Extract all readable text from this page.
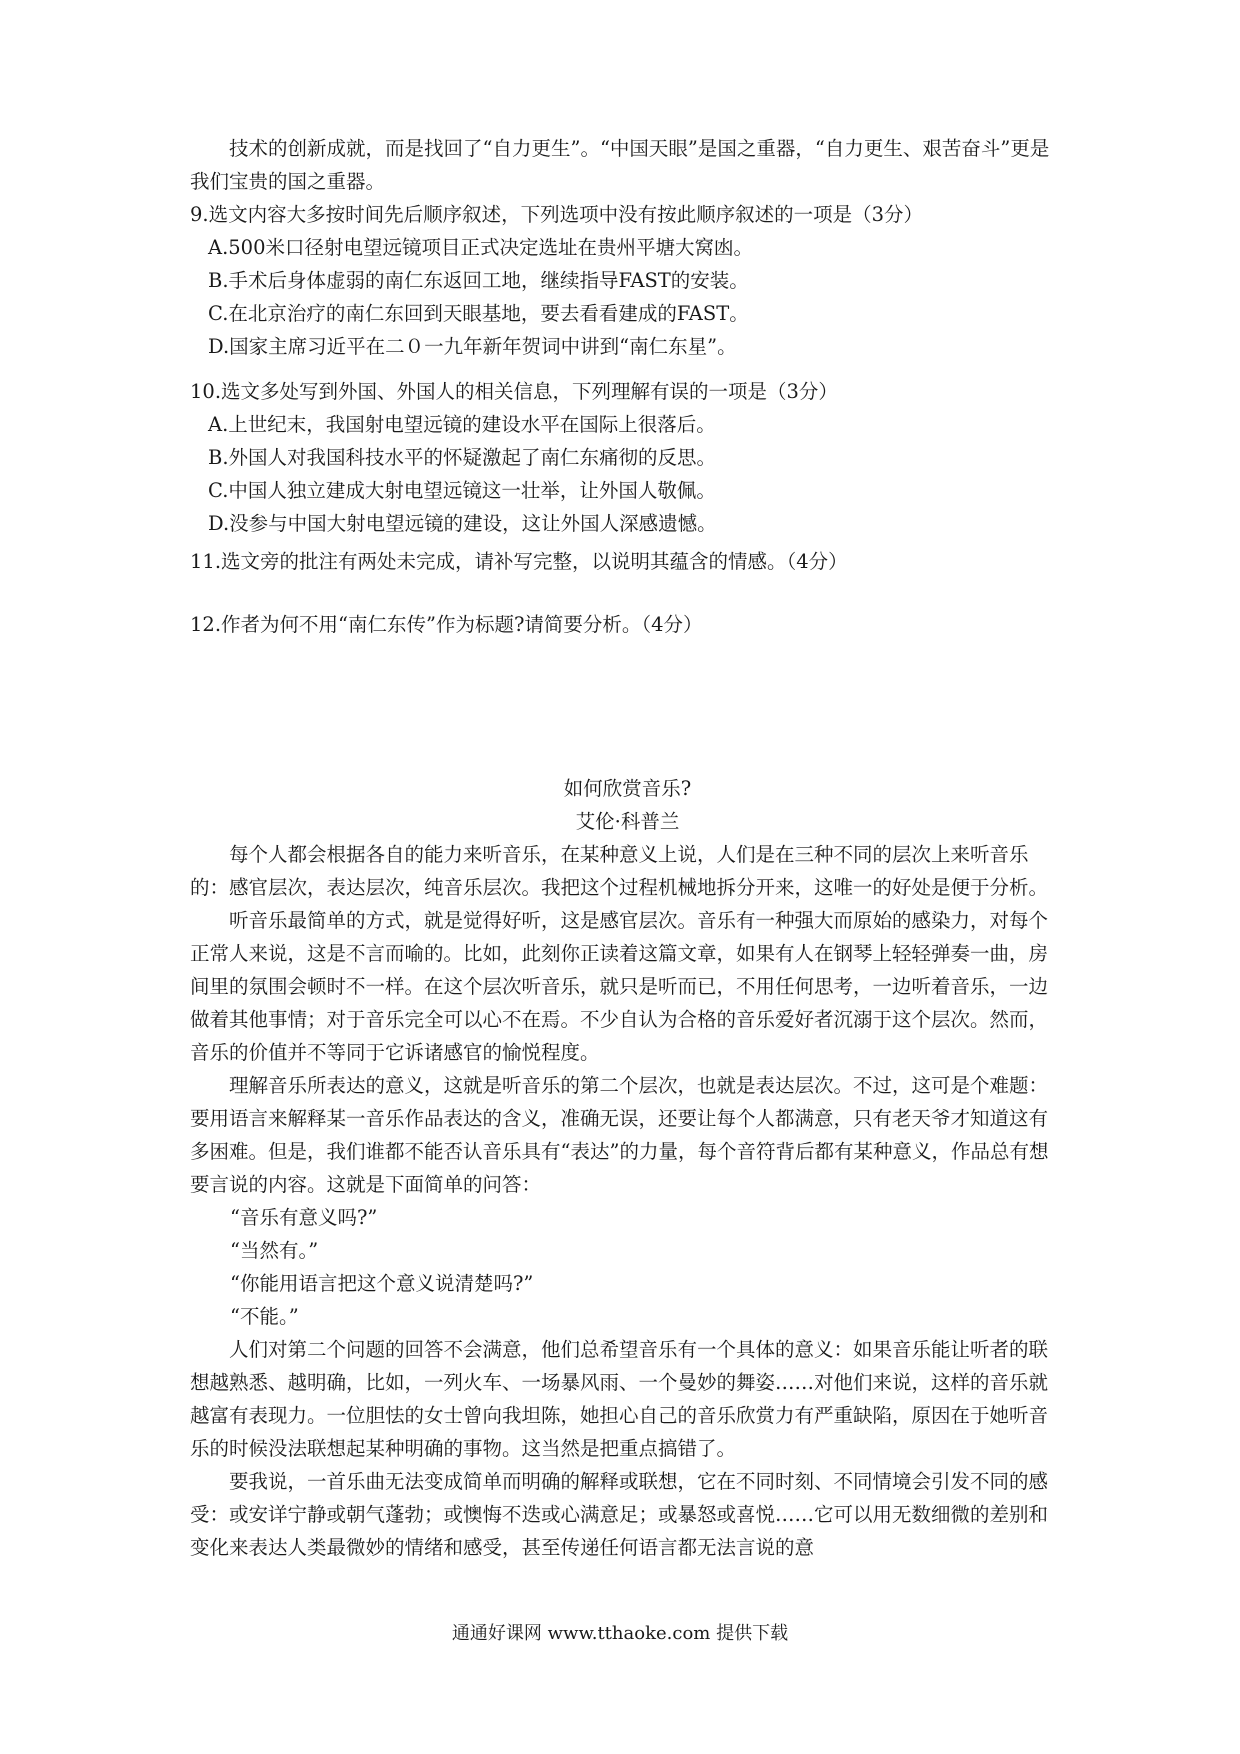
技术的创新成就，而是找回了“自力更生”。“中国天眼”是国之重器，“自力更生、艰苦奋斗”更是我们宝贵的国之重器。

9.选文内容大多按时间先后顺序叙述，下列选项中没有按此顺序叙述的一项是（3分）

A.500米口径射电望远镜项目正式决定选址在贵州平塘大窝凼。

B.手术后身体虚弱的南仁东返回工地，继续指导FAST的安装。

C.在北京治疗的南仁东回到天眼基地，要去看看建成的FAST。

D.国家主席习近平在二０一九年新年贺词中讲到“南仁东星”。

10.选文多处写到外国、外国人的相关信息，下列理解有误的一项是（3分）

A.上世纪末，我国射电望远镜的建设水平在国际上很落后。

B.外国人对我国科技水平的怀疑激起了南仁东痛彻的反思。

C.中国人独立建成大射电望远镜这一壮举，让外国人敬佩。

D.没参与中国大射电望远镜的建设，这让外国人深感遗憾。

11.选文旁的批注有两处未完成，请补写完整，以说明其蕴含的情感。（4分）

12.作者为何不用“南仁东传”作为标题?请简要分析。（4分）

如何欣赏音乐?

艾伦·科普兰

每个人都会根据各自的能力来听音乐，在某种意义上说，人们是在三种不同的层次上来听音乐的：感官层次，表达层次，纯音乐层次。我把这个过程机械地拆分开来，这唯一的好处是便于分析。

听音乐最简单的方式，就是觉得好听，这是感官层次。音乐有一种强大而原始的感染力，对每个正常人来说，这是不言而喻的。比如，此刻你正读着这篇文章，如果有人在钢琴上轻轻弹奏一曲，房间里的氛围会顿时不一样。在这个层次听音乐，就只是听而已，不用任何思考，一边听着音乐，一边做着其他事情；对于音乐完全可以心不在焉。不少自认为合格的音乐爱好者沉溺于这个层次。然而，音乐的价值并不等同于它诉诸感官的愉悦程度。

理解音乐所表达的意义，这就是听音乐的第二个层次，也就是表达层次。不过，这可是个难题：要用语言来解释某一音乐作品表达的含义，准确无误，还要让每个人都满意，只有老天爷才知道这有多困难。但是，我们谁都不能否认音乐具有“表达”的力量，每个音符背后都有某种意义，作品总有想要言说的内容。这就是下面简单的问答：

“音乐有意义吗?”

“当然有。”

“你能用语言把这个意义说清楚吗?”

“不能。”

人们对第二个问题的回答不会满意，他们总希望音乐有一个具体的意义：如果音乐能让听者的联想越熟悉、越明确，比如，一列火车、一场暴风雨、一个曼妙的舞姿……对他们来说，这样的音乐就越富有表现力。一位胆怯的女士曾向我坦陈，她担心自己的音乐欣赏力有严重缺陷，原因在于她听音乐的时候没法联想起某种明确的事物。这当然是把重点搞错了。

要我说，一首乐曲无法变成简单而明确的解释或联想，它在不同时刻、不同情境会引发不同的感受：或安详宁静或朝气蓬勃；或懊悔不迭或心满意足；或暴怒或喜悦……它可以用无数细微的差别和变化来表达人类最微妙的情绪和感受，甚至传递任何语言都无法言说的意

通通好课网 www.tthaoke.com 提供下载
